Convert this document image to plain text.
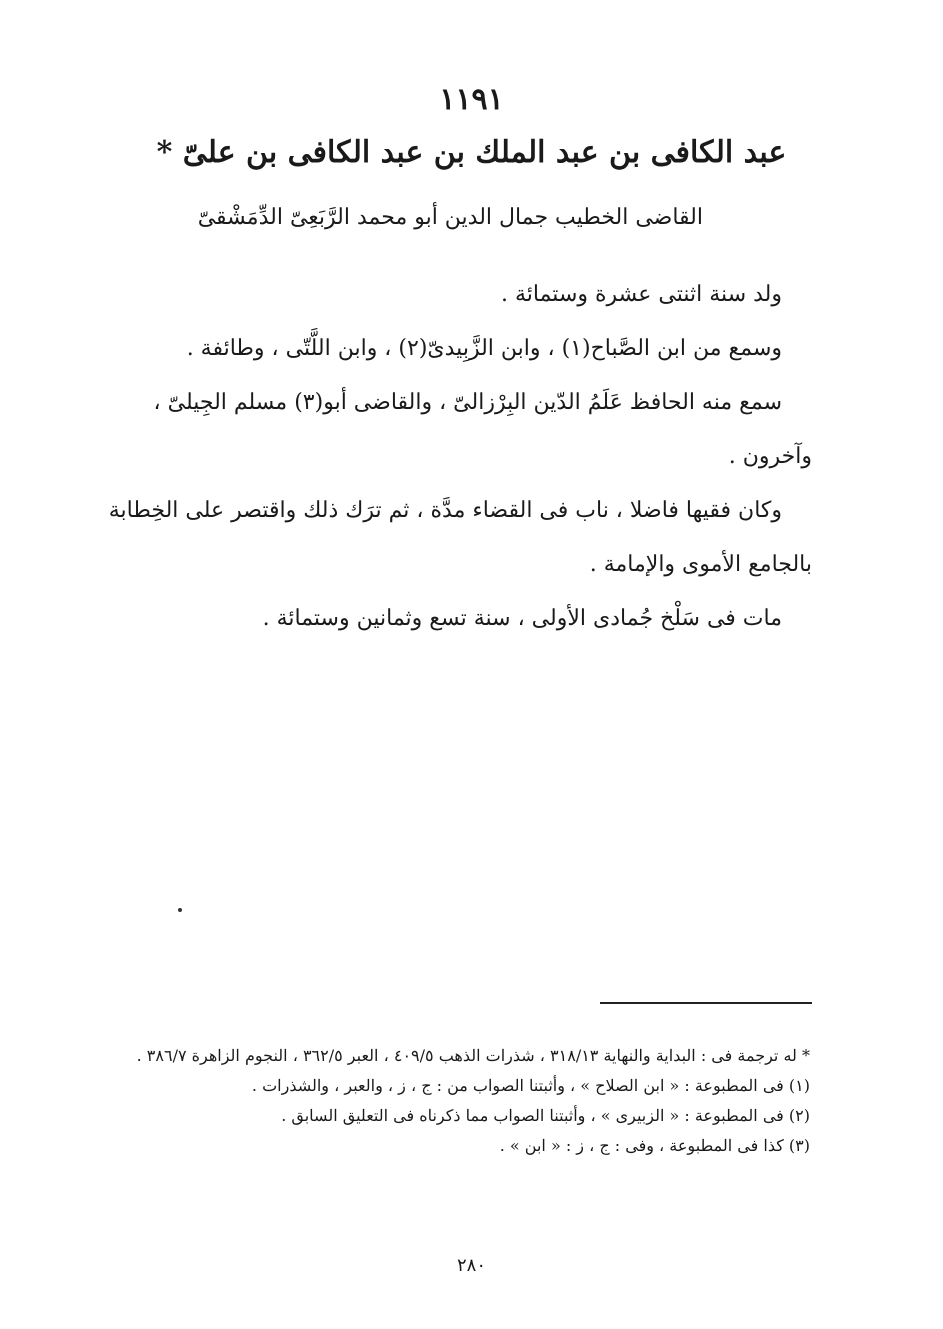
١١٩١
عبد الكافى بن عبد الملك بن عبد الكافى بن علىّ *
القاضى الخطيب جمال الدين أبو محمد الرَّبَعِىّ الدِّمَشْقىّ

ولد سنة اثنتى عشرة وستمائة .

وسمع من ابن الصَّباح(١) ، وابن الزَّبِيدىّ(٢) ، وابن اللَّتّى ، وطائفة .

سمع منه الحافظ عَلَمُ الدّين البِرْزالىّ ، والقاضى أبو(٣) مسلم الجِيلىّ ، وآخرون .

وكان فقيها فاضلا ، ناب فى القضاء مدَّة ، ثم ترَك ذلك واقتصر على الخِطابة بالجامع الأموى والإمامة .

مات فى سَلْخ جُمادى الأولى ، سنة تسع وثمانين وستمائة .

* له ترجمة فى : البداية والنهاية ٣١٨/١٣ ، شذرات الذهب ٤٠٩/٥ ، العبر ٣٦٢/٥ ، النجوم الزاهرة ٣٨٦/٧ .

(١) فى المطبوعة : « ابن الصلاح » ، وأثبتنا الصواب من : ج ، ز ، والعبر ، والشذرات .

(٢) فى المطبوعة : « الزبيرى » ، وأثبتنا الصواب مما ذكرناه فى التعليق السابق .

(٣) كذا فى المطبوعة ، وفى : ج ، ز : « ابن » .

٢٨٠
